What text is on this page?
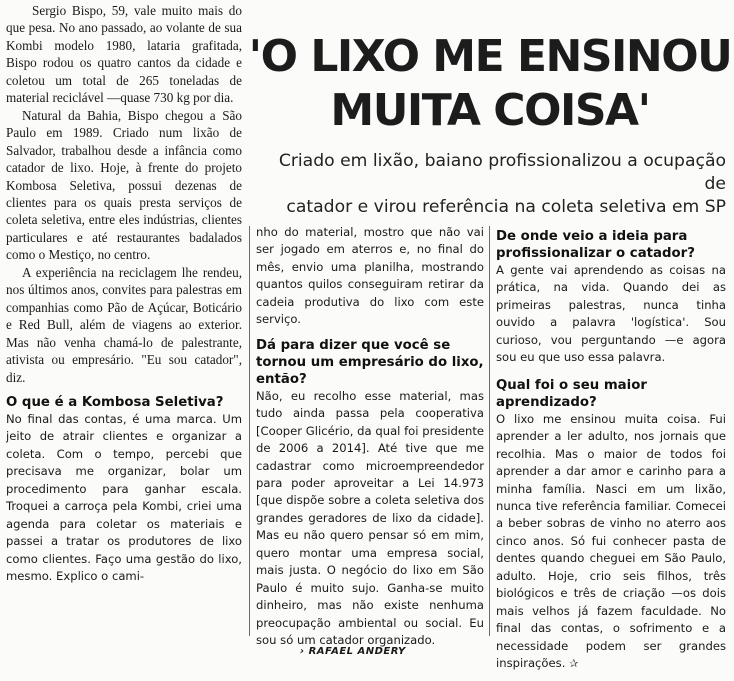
Sergio Bispo, 59, vale muito mais do que pesa. No ano passado, ao volante de sua Kombi modelo 1980, lataria grafitada, Bispo rodou os quatro cantos da cidade e coletou um total de 265 toneladas de material reciclável —quase 730 kg por dia.

Natural da Bahia, Bispo chegou a São Paulo em 1989. Criado num lixão de Salvador, trabalhou desde a infância como catador de lixo. Hoje, à frente do projeto Kombosa Seletiva, possui dezenas de clientes para os quais presta serviços de coleta seletiva, entre eles indústrias, clientes particulares e até restaurantes badalados como o Mestiço, no centro.

A experiência na reciclagem lhe rendeu, nos últimos anos, convites para palestras em companhias como Pão de Açúcar, Boticário e Red Bull, além de viagens ao exterior. Mas não venha chamá-lo de palestrante, ativista ou empresário. "Eu sou catador", diz.

O que é a Kombosa Seletiva?
No final das contas, é uma marca. Um jeito de atrair clientes e organizar a coleta. Com o tempo, percebi que precisava me organizar, bolar um procedimento para ganhar escala. Troquei a carroça pela Kombi, criei uma agenda para coletar os materiais e passei a tratar os produtores de lixo como clientes. Faço uma gestão do lixo, mesmo. Explico o cami-
'O LIXO ME ENSINOU
MUITA COISA'
Criado em lixão, baiano profissionalizou a ocupação de
catador e virou referência na coleta seletiva em SP
nho do material, mostro que não vai ser jogado em aterros e, no final do mês, envio uma planilha, mostrando quantos quilos conseguiram retirar da cadeia produtiva do lixo com este serviço.
Dá para dizer que você se tornou um empresário do lixo, então?
Não, eu recolho esse material, mas tudo ainda passa pela cooperativa [Cooper Glicério, da qual foi presidente de 2006 a 2014]. Até tive que me cadastrar como microempreendedor para poder aproveitar a Lei 14.973 [que dispõe sobre a coleta seletiva dos grandes geradores de lixo da cidade]. Mas eu não quero pensar só em mim, quero montar uma empresa social, mais justa. O negócio do lixo em São Paulo é muito sujo. Ganha-se muito dinheiro, mas não existe nenhuma preocupação ambiental ou social. Eu sou só um catador organizado.
De onde veio a ideia para profissionalizar o catador?
A gente vai aprendendo as coisas na prática, na vida. Quando dei as primeiras palestras, nunca tinha ouvido a palavra 'logística'. Sou curioso, vou perguntando —e agora sou eu que uso essa palavra.
Qual foi o seu maior aprendizado?
O lixo me ensinou muita coisa. Fui aprender a ler adulto, nos jornais que recolhia. Mas o maior de todos foi aprender a dar amor e carinho para a minha família. Nasci em um lixão, nunca tive referência familiar. Comecei a beber sobras de vinho no aterro aos cinco anos. Só fui conhecer pasta de dentes quando cheguei em São Paulo, adulto. Hoje, crio seis filhos, três biológicos e três de criação —os dois mais velhos já fazem faculdade. No final das contas, o sofrimento e a necessidade podem ser grandes inspirações. ✰
› RAFAEL ANDERY
